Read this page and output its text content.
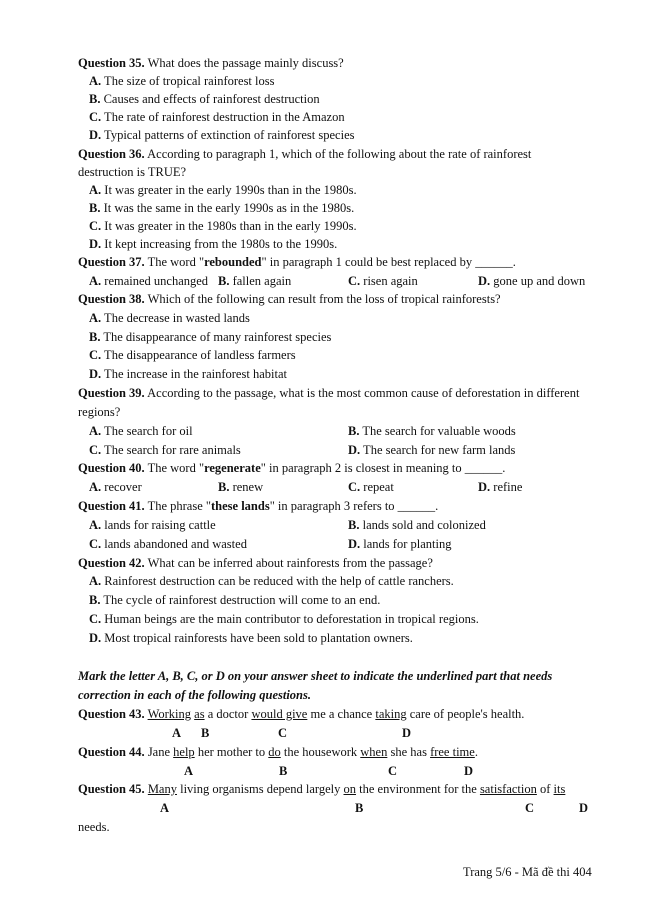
Question 35. What does the passage mainly discuss?
A. The size of tropical rainforest loss
B. Causes and effects of rainforest destruction
C. The rate of rainforest destruction in the Amazon
D. Typical patterns of extinction of rainforest species
Question 36. According to paragraph 1, which of the following about the rate of rainforest
destruction is TRUE?
A. It was greater in the early 1990s than in the 1980s.
B. It was the same in the early 1990s as in the 1980s.
C. It was greater in the 1980s than in the early 1990s.
D. It kept increasing from the 1980s to the 1990s.
Question 37. The word "rebounded" in paragraph 1 could be best replaced by ______.
A. remained unchanged B. fallen again	C. risen again	D. gone up and down
Question 38. Which of the following can result from the loss of tropical rainforests?
A. The decrease in wasted lands
B. The disappearance of many rainforest species
C. The disappearance of landless farmers
D. The increase in the rainforest habitat
Question 39. According to the passage, what is the most common cause of deforestation in different
regions?
A. The search for oil	B. The search for valuable woods
C. The search for rare animals	D. The search for new farm lands
Question 40. The word "regenerate" in paragraph 2 is closest in meaning to ______.
A. recover	B. renew	C. repeat	D. refine
Question 41. The phrase "these lands" in paragraph 3 refers to ______.
A. lands for raising cattle	B. lands sold and colonized
C. lands abandoned and wasted	D. lands for planting
Question 42. What can be inferred about rainforests from the passage?
A. Rainforest destruction can be reduced with the help of cattle ranchers.
B. The cycle of rainforest destruction will come to an end.
C. Human beings are the main contributor to deforestation in tropical regions.
D. Most tropical rainforests have been sold to plantation owners.
Mark the letter A, B, C, or D on your answer sheet to indicate the underlined part that needs
correction in each of the following questions.
Question 43. Working as a doctor would give me a chance taking care of people's health.
A B	C	D
Question 44. Jane help her mother to do the housework when she has free time.
A	B	C	D
Question 45. Many living organisms depend largely on the environment for the satisfaction of its
A	B	C	D
needs.
Trang 5/6 - Mã đề thi 404
